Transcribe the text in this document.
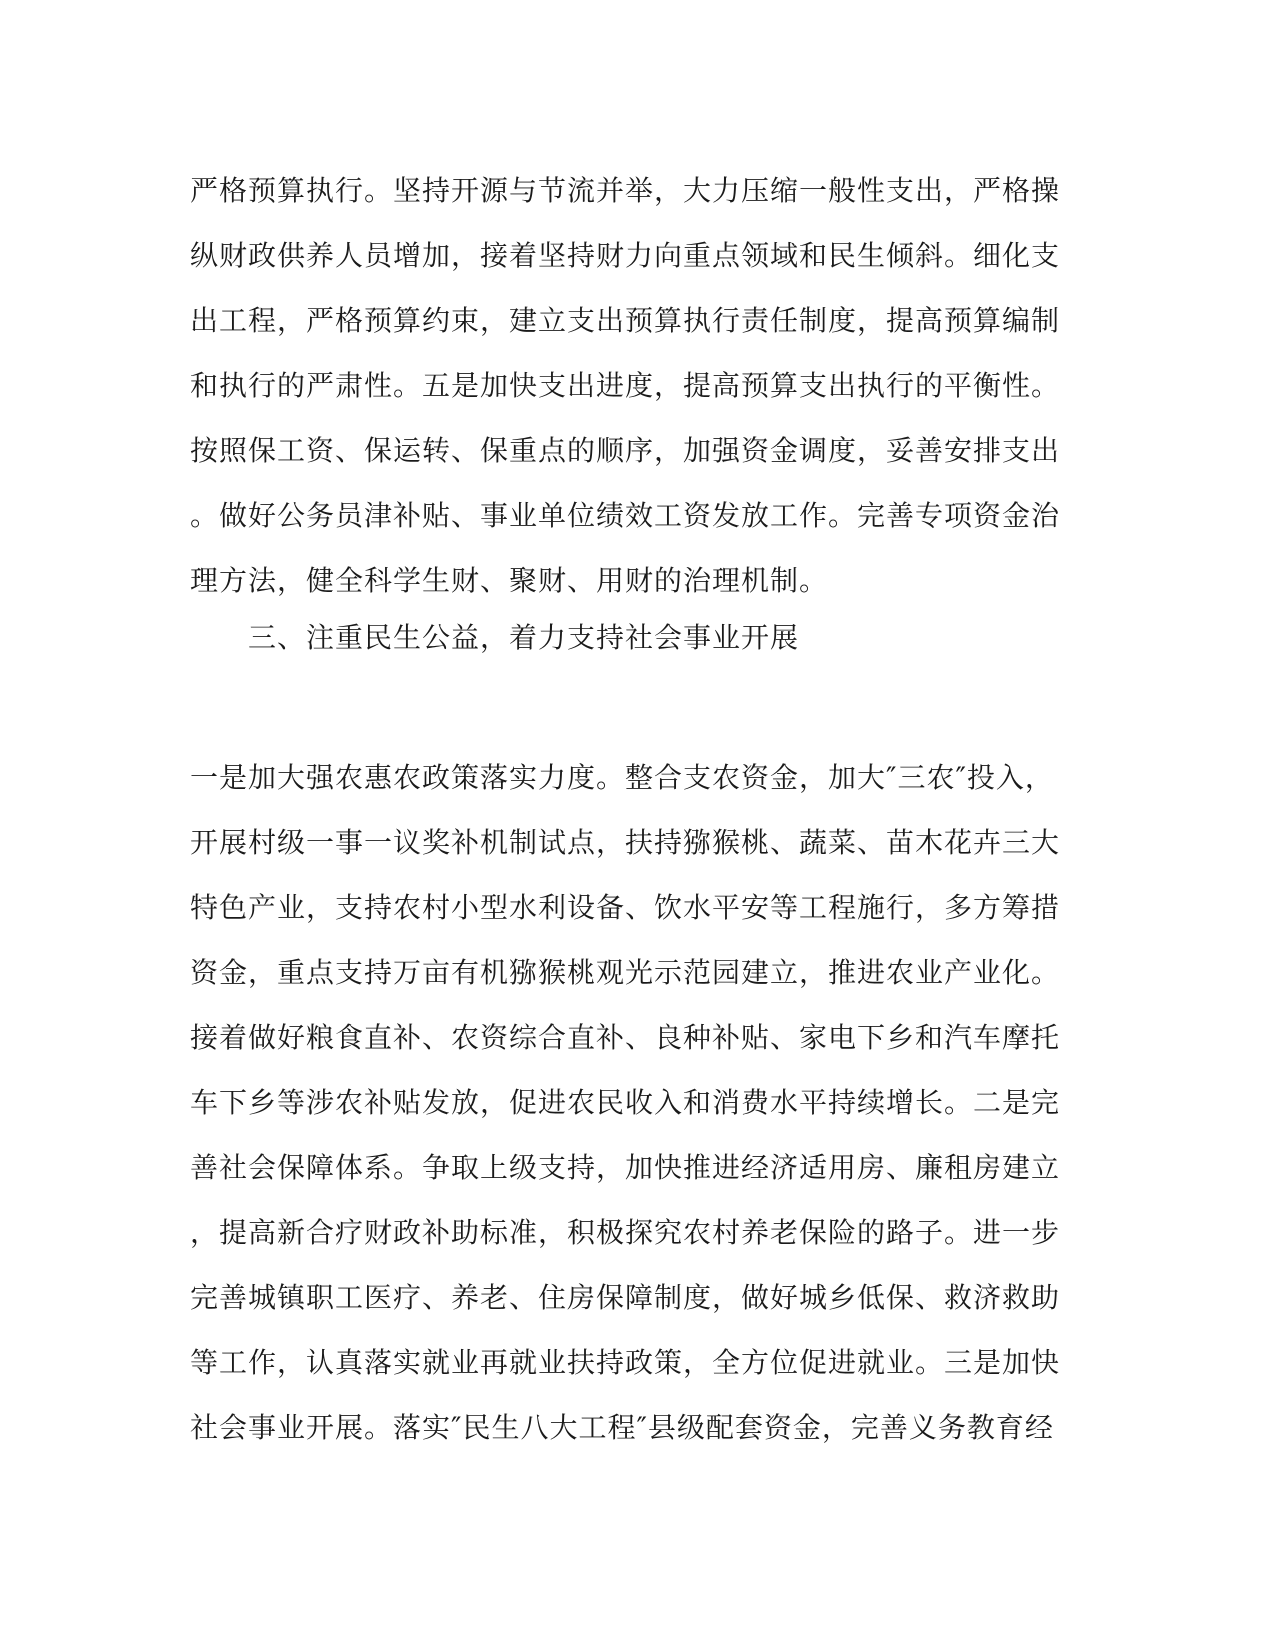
严格预算执行。坚持开源与节流并举，大力压缩一般性支出，严格操
纵财政供养人员增加，接着坚持财力向重点领域和民生倾斜。细化支
出工程，严格预算约束，建立支出预算执行责任制度，提高预算编制
和执行的严肃性。五是加快支出进度，提高预算支出执行的平衡性。
按照保工资、保运转、保重点的顺序，加强资金调度，妥善安排支出
。做好公务员津补贴、事业单位绩效工资发放工作。完善专项资金治
理方法，健全科学生财、聚财、用财的治理机制。
三、注重民生公益，着力支持社会事业开展
一是加大强农惠农政策落实力度。整合支农资金，加大″三农″投入，
开展村级一事一议奖补机制试点，扶持猕猴桃、蔬菜、苗木花卉三大
特色产业，支持农村小型水利设备、饮水平安等工程施行，多方筹措
资金，重点支持万亩有机猕猴桃观光示范园建立，推进农业产业化。
接着做好粮食直补、农资综合直补、良种补贴、家电下乡和汽车摩托
车下乡等涉农补贴发放，促进农民收入和消费水平持续增长。二是完
善社会保障体系。争取上级支持，加快推进经济适用房、廉租房建立
，提高新合疗财政补助标准，积极探究农村养老保险的路子。进一步
完善城镇职工医疗、养老、住房保障制度，做好城乡低保、救济救助
等工作，认真落实就业再就业扶持政策，全方位促进就业。三是加快
社会事业开展。落实″民生八大工程″县级配套资金，完善义务教育经
